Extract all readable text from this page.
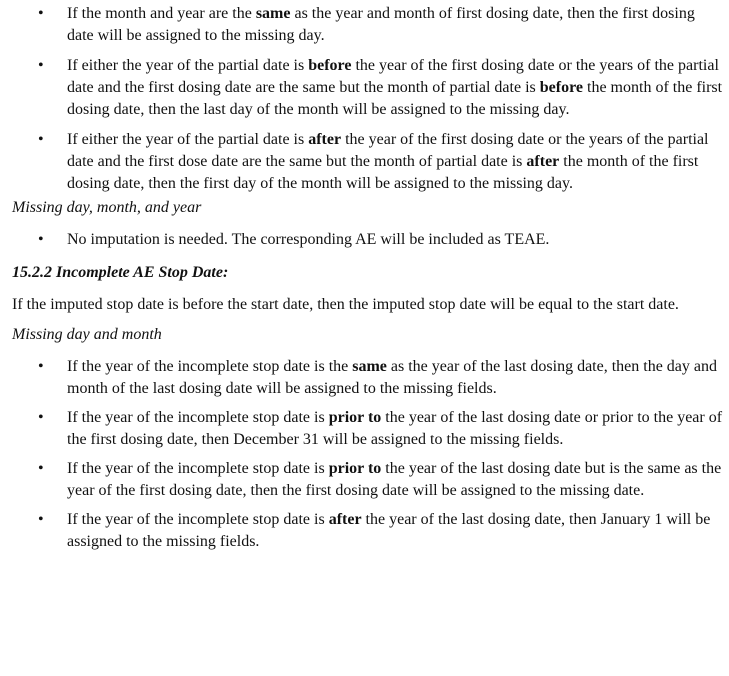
• If the month and year are the same as the year and month of first dosing date, then the first dosing date will be assigned to the missing day.
• If either the year of the partial date is before the year of the first dosing date or the years of the partial date and the first dosing date are the same but the month of partial date is before the month of the first dosing date, then the last day of the month will be assigned to the missing day.
• If either the year of the partial date is after the year of the first dosing date or the years of the partial date and the first dose date are the same but the month of partial date is after the month of the first dosing date, then the first day of the month will be assigned to the missing day.
Missing day, month, and year
• No imputation is needed. The corresponding AE will be included as TEAE.
15.2.2 Incomplete AE Stop Date:
If the imputed stop date is before the start date, then the imputed stop date will be equal to the start date.
Missing day and month
• If the year of the incomplete stop date is the same as the year of the last dosing date, then the day and month of the last dosing date will be assigned to the missing fields.
• If the year of the incomplete stop date is prior to the year of the last dosing date or prior to the year of the first dosing date, then December 31 will be assigned to the missing fields.
• If the year of the incomplete stop date is prior to the year of the last dosing date but is the same as the year of the first dosing date, then the first dosing date will be assigned to the missing date.
• If the year of the incomplete stop date is after the year of the last dosing date, then January 1 will be assigned to the missing fields.
